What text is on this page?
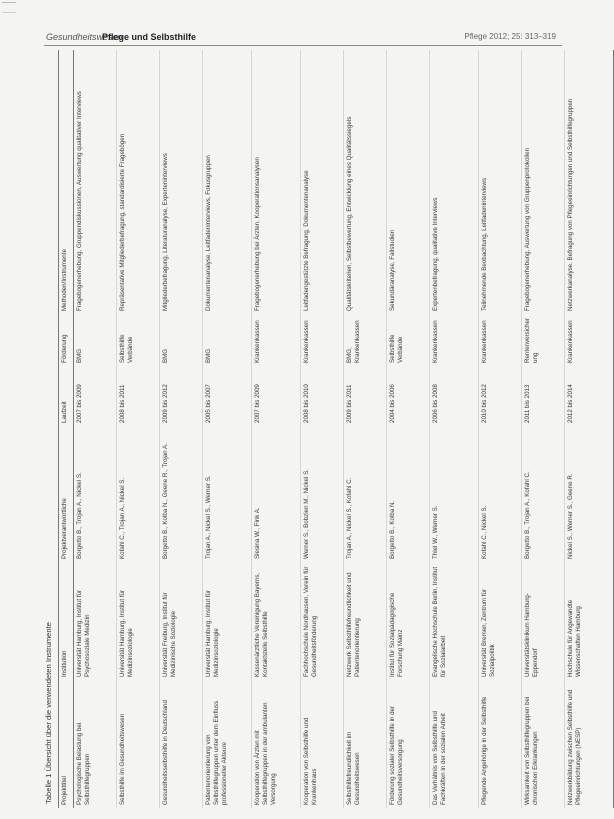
Gesundheitswesen
Pflege und Selbsthilfe	Pflege 2012; 25: 313–319
Tabelle 1 Übersicht über die verwendeten Instrumente	Projekttitel	Institution	Projektverantwortliche	Laufzeit	Förderung	Methoden/Instrumente
Psychologische Belastung bei Selbsthilfegruppen	Universität Hamburg, Institut für Psychosoziale Medizin	Borgetto B., Trojan A., Nickel S.	2007 bis 2009	BMG	Fragebogenerhebung, Gruppendiskussionen, Auswertung qualitativer Interviews
Selbsthilfe im Gesundheitswesen	Universität Hamburg, Institut für Medizinsoziologie	Kofahl C., Trojan A., Nickel S.	2008 bis 2011	Selbsthilfe Verbände	Repräsentative Mitgliederbefragung, standardisierte Fragebögen
Gesundheitsselbsthilfe in Deutschland	Universität Freiburg, Institut für Medizinische Soziologie	Borgetto B., Kolba N., Geene R., Trojan A.	2009 bis 2012	BMG	Mitgliederbefragung, Literaturanalyse, Experteninterviews
Patientenorientierung von Selbsthilfegruppen unter dem Einfluss professioneller Akteure	Universität Hamburg, Institut für Medizinsoziologie	Trojan A., Nickel S., Werner S.	2005 bis 2007	BMG	Dokumentenanalyse, Leitfadeninterviews, Fokusgruppen
Kooperation von Ärzten mit Selbsthilfegruppen in der ambulanten Versorgung	Kassenärztliche Vereinigung Bayerns, Kontaktstelle Selbsthilfe	Slesina W., Fink A.	2007 bis 2009	Krankenkassen	Fragebogenerhebung bei Ärzten, Kooperationsanalysen
Kooperation von Selbsthilfe und Krankenhaus	Fachhochschule Nordhausen, Verein für Gesundheitsförderung	Werner S., Bobzien M., Nickel S.	2008 bis 2010	Krankenkassen	Leitfadengestützte Befragung, Dokumentenanalyse
Selbsthilfefreundlichkeit im Gesundheitswesen	Netzwerk Selbsthilfefreundlichkeit und Patientenorientierung	Trojan A., Nickel S., Kofahl C.	2009 bis 2011	BMG, Krankenkassen	Qualitätskriterien, Selbstbewertung, Entwicklung eines Qualitätssiegels
Förderung sozialer Selbsthilfe in der Gesundheitsversorgung	Institut für Sozialpädagogische Forschung Mainz	Borgetto B., Kolba N.	2004 bis 2006	Selbsthilfe Verbände	Sekundäranalyse, Fallstudien
Das Verhältnis von Selbsthilfe und Fachkräften in der sozialen Arbeit	Evangelische Hochschule Berlin, Institut für Sozialarbeit	Thiel W., Werner S.	2006 bis 2008	Krankenkassen	Expertenbefragung, qualitative Interviews
Pflegende Angehörige in der Selbsthilfe	Universität Bremen, Zentrum für Sozialpolitik	Kofahl C., Nickel S.	2010 bis 2012	Krankenkassen	Teilnehmende Beobachtung, Leitfadeninterviews
Wirksamkeit von Selbsthilfegruppen bei chronischen Erkrankungen	Universitätsklinikum Hamburg-Eppendorf	Borgetto B., Trojan A., Kofahl C.	2011 bis 2013	Rentenversicherung	Fragebogenerhebung, Auswertung von Gruppenprotokollen
Netzwerkbildung zwischen Selbsthilfe und Pflegeeinrichtungen (NESP)	Hochschule für Angewandte Wissenschaften Hamburg	Nickel S., Werner S., Geene R.	2012 bis 2014	Krankenkassen	Netzwerkanalyse, Befragung von Pflegeeinrichtungen und Selbsthilfegruppen
